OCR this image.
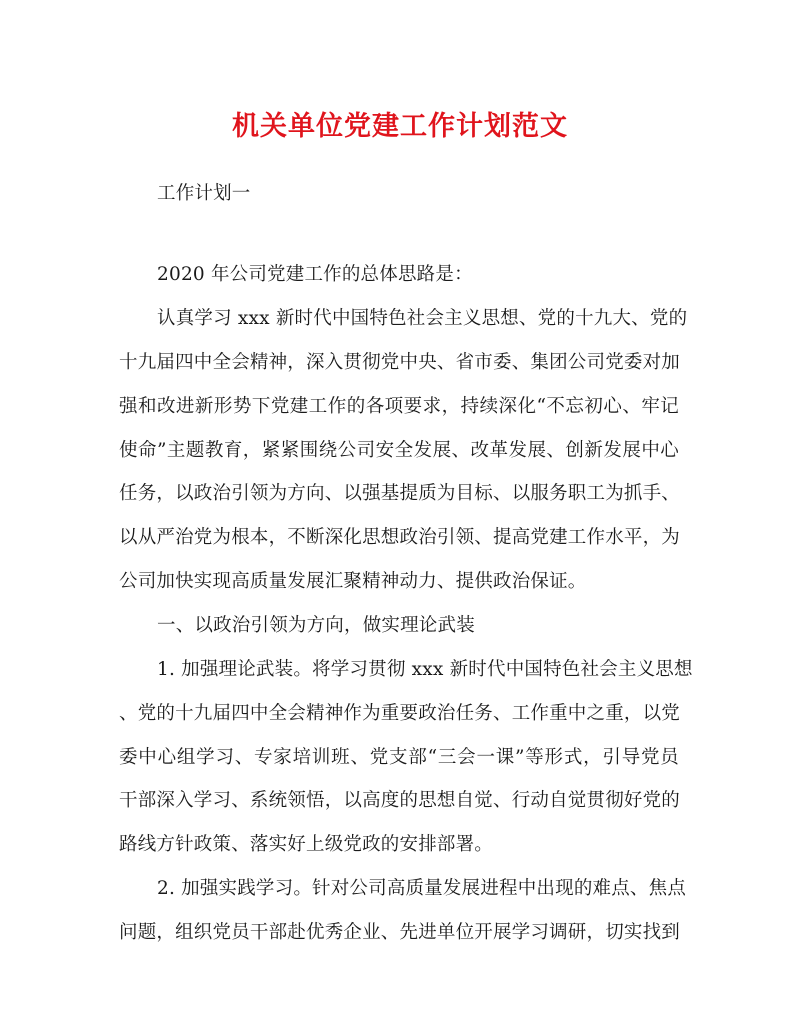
机关单位党建工作计划范文
工作计划一
2020 年公司党建工作的总体思路是：
认真学习 xxx 新时代中国特色社会主义思想、党的十九大、党的
十九届四中全会精神，深入贯彻党中央、省市委、集团公司党委对加
强和改进新形势下党建工作的各项要求，持续深化“不忘初心、牢记
使命”主题教育，紧紧围绕公司安全发展、改革发展、创新发展中心
任务，以政治引领为方向、以强基提质为目标、以服务职工为抓手、
以从严治党为根本，不断深化思想政治引领、提高党建工作水平，为
公司加快实现高质量发展汇聚精神动力、提供政治保证。
一、以政治引领为方向，做实理论武装
1. 加强理论武装。将学习贯彻 xxx 新时代中国特色社会主义思想
、党的十九届四中全会精神作为重要政治任务、工作重中之重，以党
委中心组学习、专家培训班、党支部“三会一课”等形式，引导党员
干部深入学习、系统领悟，以高度的思想自觉、行动自觉贯彻好党的
路线方针政策、落实好上级党政的安排部署。
2. 加强实践学习。针对公司高质量发展进程中出现的难点、焦点
问题，组织党员干部赴优秀企业、先进单位开展学习调研，切实找到
